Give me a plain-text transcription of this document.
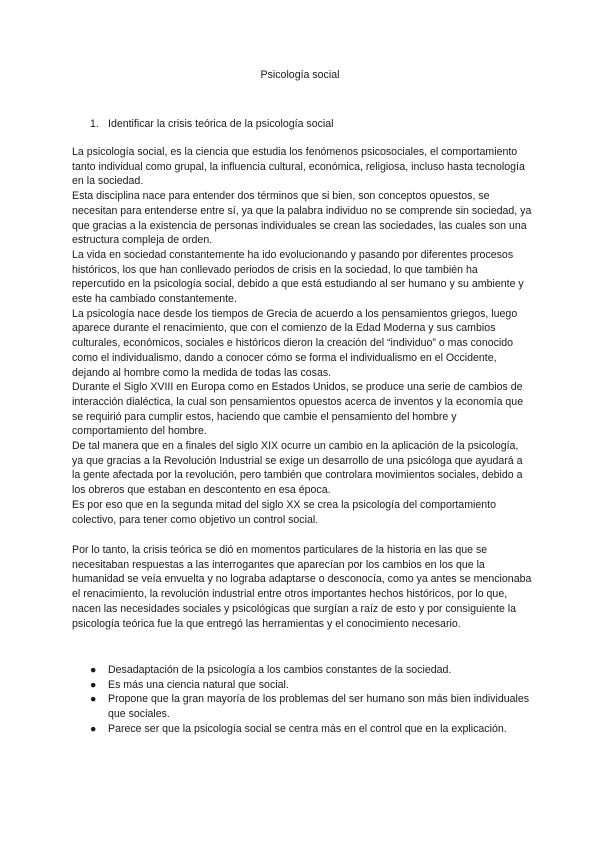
Psicología social
1. Identificar la crisis teórica de la psicología social

La psicología social, es la ciencia que estudia los fenómenos psicosociales, el comportamiento tanto individual como grupal, la influencia cultural, económica, religiosa, incluso hasta tecnología en la sociedad.

Esta disciplina nace para entender dos términos que si bien, son conceptos opuestos, se necesitan para entenderse entre sí, ya que la palabra individuo no se comprende sin sociedad, ya que gracias a la existencia de personas individuales se crean las sociedades, las cuales son una estructura compleja de orden.

La vida en sociedad constantemente ha ido evolucionando y pasando por diferentes procesos históricos, los que han conllevado periodos de crisis en la sociedad, lo que también ha repercutido en la psicología social, debido a que está estudiando al ser humano y su ambiente y este ha cambiado constantemente.

La psicología nace desde los tiempos de Grecia de acuerdo a los pensamientos griegos, luego aparece durante el renacimiento, que con el comienzo de la Edad Moderna y sus cambios culturales, económicos, sociales e históricos dieron la creación del “individuo” o mas conocido como el individualismo, dando a conocer cómo se forma el individualismo en el Occidente, dejando al hombre como la medida de todas las cosas.

Durante el Siglo XVIII en Europa como en Estados Unidos, se produce una serie de cambios de interacción dialéctica, la cual son pensamientos opuestos acerca de inventos y la economía que se requirió para cumplir estos, haciendo que cambie el pensamiento del hombre y comportamiento del hombre.

De tal manera que en a finales del siglo XIX ocurre un cambio en la aplicación de la psicología, ya que gracias a la Revolución Industrial se exige un desarrollo de una psicóloga que ayudará a la gente afectada por la revolución, pero también que controlara movimientos sociales, debido a los obreros que estaban en descontento en esa época.

Es por eso que en la segunda mitad del siglo XX se crea la psicología del comportamiento colectivo, para tener como objetivo un control social.

Por lo tanto, la crisis teórica se dió en momentos particulares de la historia en las que se necesitaban respuestas a las interrogantes que aparecían por los cambios en los que la humanidad se veía envuelta y no lograba adaptarse o desconocía, como ya antes se mencionaba el renacimiento, la revolución industrial entre otros importantes hechos históricos, por lo que, nacen las necesidades sociales y psicológicas que surgían a raíz de esto y por consiguiente la psicología teórica fue la que entregó las herramientas y el conocimiento necesario.

●	Desadaptación de la psicología a los cambios constantes de la sociedad.
●	Es más una ciencia natural que social.
●	Propone que la gran mayoría de los problemas del ser humano son más bien individuales que sociales.
●	Parece ser que la psicología social se centra más en el control que en la explicación.
